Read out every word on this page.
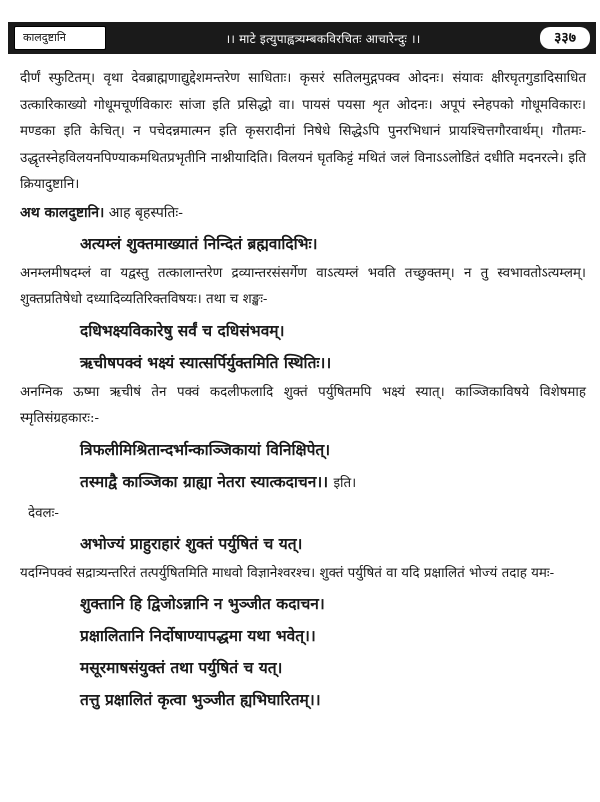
कालदुष्टानि	।। माटे इत्युपाह्वत्र्यम्बकविरचितः आचारेन्दुः ।।	३३७

दीर्णं स्फुटितम्। वृथा देवब्राह्मणाद्युद्देशमन्तरेण साधिताः। कृसरं सतिलमुद्गपक्व ओदनः। संयावः क्षीरघृतगुडादिसाधित उत्कारिकाख्यो गोधूमचूर्णविकारः सांजा इति प्रसिद्धो वा। पायसं पयसा शृत ओदनः। अपूपं स्नेहपको गोधूमविकारः। मण्डका इति केचित्। न पचेदन्नमात्मन इति कृसरादीनां निषेधे सिद्धेऽपि पुनरभिधानं प्रायश्चित्तगौरवार्थम्। गौतमः- उद्धृतस्नेहविलयनपिण्याकमथितप्रभृतीनि नाश्नीयादिति। विलयनं घृतकिट्टं मथितं जलं विनाऽऽलोडितं दधीति मदनरत्ने। इति क्रियादुष्टानि।

अथ कालदुष्टानि। आह बृहस्पतिः-

अत्यम्लं शुक्तमाख्यातं निन्दितं ब्रह्मवादिभिः।

अनम्लमीषदम्लं वा यद्वस्तु तत्कालान्तरेण द्रव्यान्तरसंसर्गेण वाऽत्यम्लं भवति तच्छुक्तम्। न तु स्वभावतोऽत्यम्लम्। शुक्तप्रतिषेधो दध्यादिव्यतिरिक्तविषयः। तथा च शङ्खः-

दधिभक्ष्यविकारेषु सर्वं च दधिसंभवम्।

ऋचीषपक्वं भक्ष्यं स्यात्सर्पिर्युक्तमिति स्थितिः।।

अनग्निक ऊष्मा ऋचीषं तेन पक्वं कदलीफलादि शुक्तं पर्युषितमपि भक्ष्यं स्यात्। काञ्जिकाविषये विशेषमाह स्मृतिसंग्रहकारः:-

त्रिफलीमिश्रितान्दर्भान्काञ्जिकायां विनिक्षिपेत्।

तस्माद्वै काञ्जिका ग्राह्या नेतरा स्यात्कदाचन।। इति।

देवलः-

अभोज्यं प्राहुराहारं शुक्तं पर्युषितं च यत्।

यदग्निपक्वं सद्रात्र्यन्तरितं तत्पर्युषितमिति माधवो विज्ञानेश्वरश्च। शुक्तं पर्युषितं वा यदि प्रक्षालितं भोज्यं तदाह यमः-

शुक्तानि हि द्विजोऽन्नानि न भुञ्जीत कदाचन।

प्रक्षालितानि निर्दोषाण्यापद्धमा यथा भवेत्।।

मसूरमाषसंयुक्तं तथा पर्युषितं च यत्।

तत्तु प्रक्षालितं कृत्वा भुञ्जीत ह्यभिघारितम्।।
